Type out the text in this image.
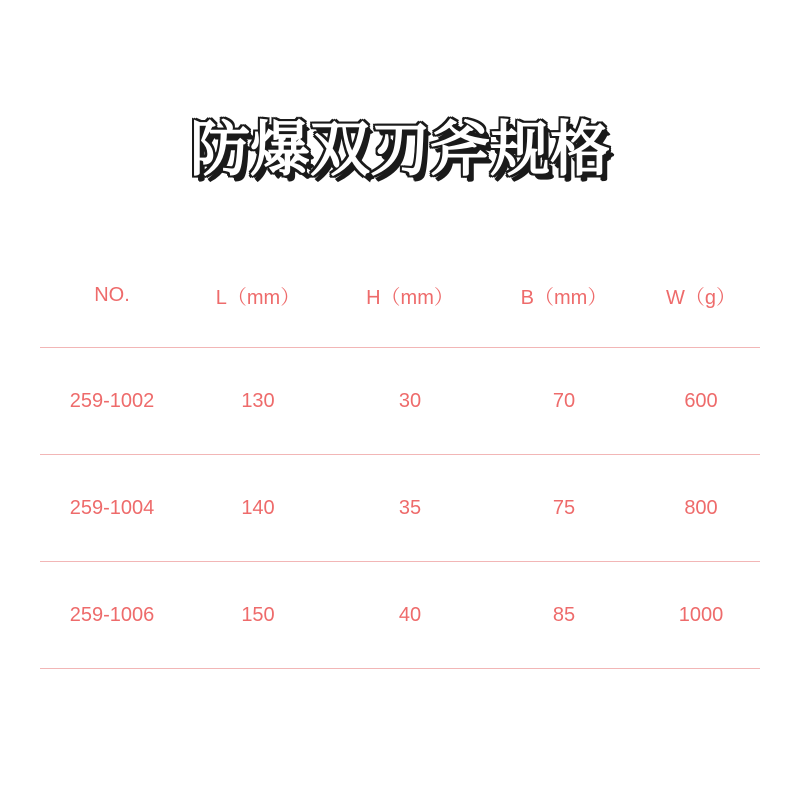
防爆双刃斧规格
NO.	L（mm）	H（mm）	B（mm）	W（g）
259-1002	130	30	70	600
259-1004	140	35	75	800
259-1006	150	40	85	1000
